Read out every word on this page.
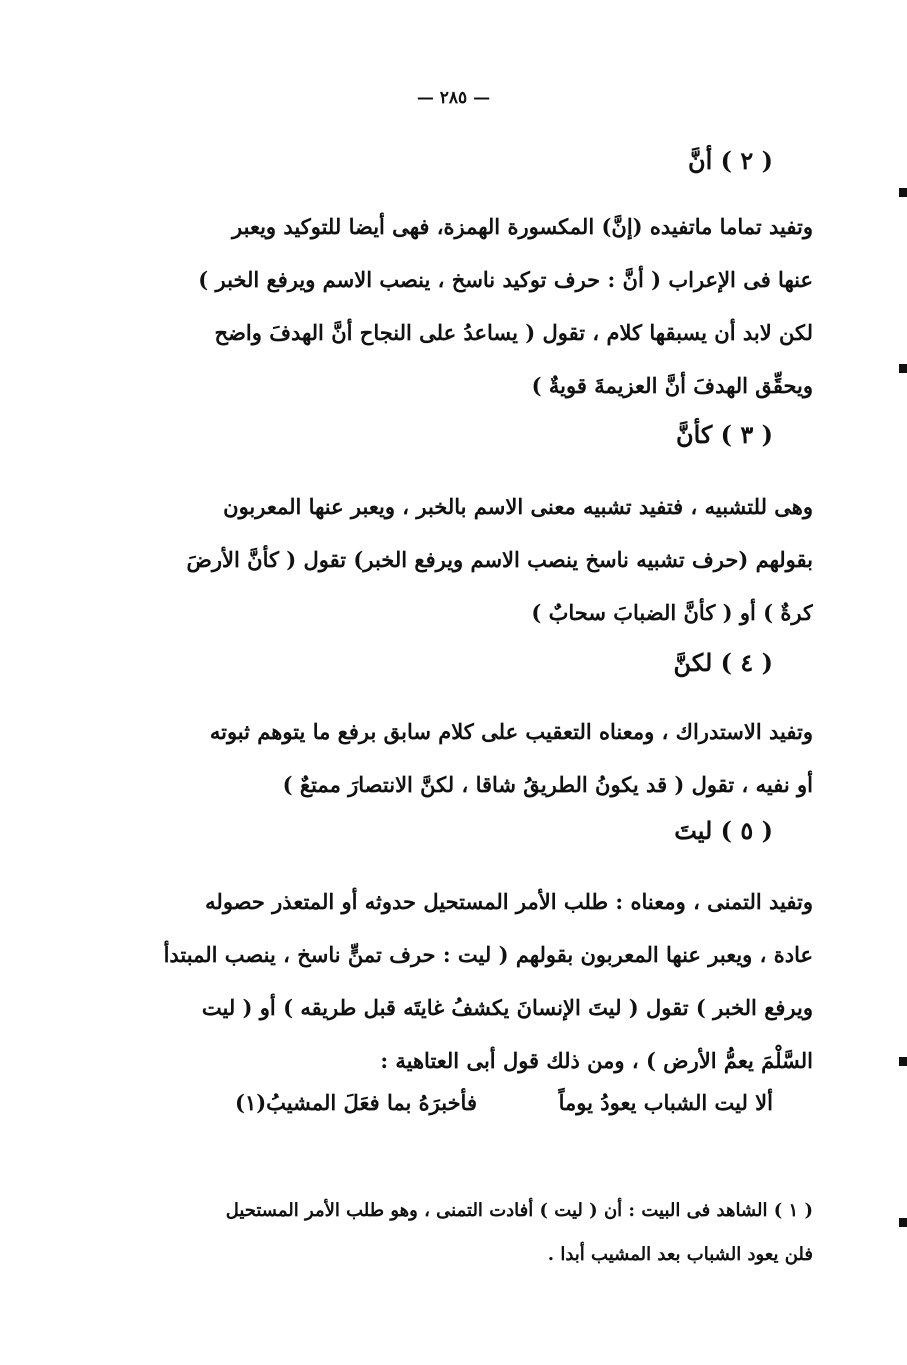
— ٢٨٥ —
( ٢ ) أنَّ
وتفيد تماما ماتفيده (إنَّ) المكسورة الهمزة، فهى أيضا للتوكيد ويعبر
عنها فى الإعراب ( أنَّ : حرف توكيد ناسخ ، ينصب الاسم ويرفع الخبر )
لكن لابد أن يسبقها كلام ، تقول ( يساعدُ على النجاح أنَّ الهدفَ واضح
ويحقِّق الهدفَ أنَّ العزيمةَ قويةٌ )
( ٣ ) كأنَّ
وهى للتشبيه ، فتفيد تشبيه معنى الاسم بالخبر ، ويعبر عنها المعربون
بقولهم (حرف تشبيه ناسخ ينصب الاسم ويرفع الخبر) تقول ( كأنَّ الأرضَ
كرةٌ ) أو ( كأنَّ الضبابَ سحابٌ )
( ٤ ) لكنَّ
وتفيد الاستدراك ، ومعناه التعقيب على كلام سابق برفع ما يتوهم ثبوته
أو نفيه ، تقول ( قد يكونُ الطريقُ شاقا ، لكنَّ الانتصارَ ممتعٌ )
( ٥ ) ليتَ
وتفيد التمنى ، ومعناه : طلب الأمر المستحيل حدوثه أو المتعذر حصوله
عادة ، ويعبر عنها المعربون بقولهم ( ليت : حرف تمنٍّ ناسخ ، ينصب المبتدأ
ويرفع الخبر ) تقول ( ليتَ الإنسانَ يكشفُ غايتَه قبل طريقه ) أو ( ليت
السَّلْمَ يعمُّ الأرض ) ، ومن ذلك قول أبى العتاهية :
ألا ليت الشباب يعودُ يوماً
فأخبرَهُ بما فعَلَ المشيبُ(١)
( ١ ) الشاهد فى البيت : أن ( ليت ) أفادت التمنى ، وهو طلب الأمر المستحيل
فلن يعود الشباب بعد المشيب أبدا .
